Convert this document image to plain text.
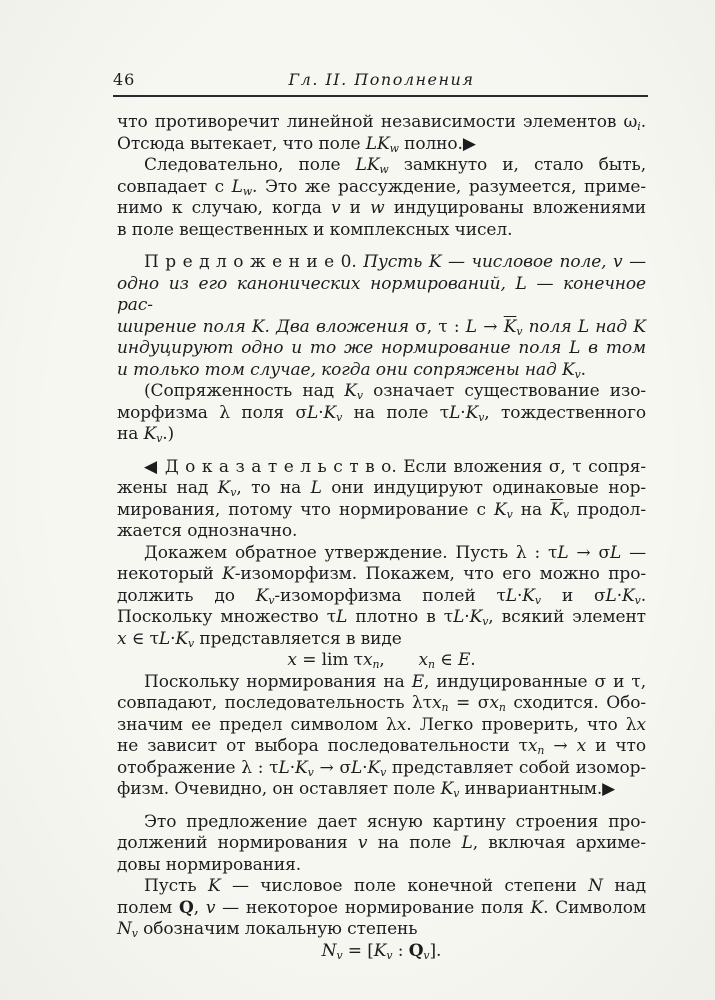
46	Гл. II. Пополнения
что противоречит линейной независимости элементов $\omega_i$.
Отсюда вытекает, что поле $LK_w$ полно.▶
Следовательно, поле $LK_w$ замкнуто и, стало быть,
совпадает с $L_w$. Это же рассуждение, разумеется, приме-
нимо к случаю, когда v и w индуцированы вложениями
в поле вещественных и комплексных чисел.
П р е д л о ж е н и е 0. Пусть K — числовое поле, v —
одно из его канонических нормирований, L — конечное рас-
ширение поля K. Два вложения σ, τ : $L \to \overline{K}_v$ поля L над K
индуцируют одно и то же нормирование поля L в том
и только том случае, когда они сопряжены над $K_v$.
(Сопряженность над $K_v$ означает существование изо-
морфизма λ поля $\sigma L\cdot K_v$ на поле $\tau L\cdot K_v$, тождественного
на $K_v$.)
◀ Д о к а з а т е л ь с т в о. Если вложения σ, τ сопря-
жены над $K_v$, то на L они индуцируют одинаковые нор-
мирования, потому что нормирование с $K_v$ на $\overline{K}_v$ продол-
жается однозначно.
Докажем обратное утверждение. Пусть λ : τL → σL —
некоторый K-изоморфизм. Покажем, что его можно про-
должить до $K_v$-изоморфизма полей $\tau L\cdot K_v$ и $\sigma L\cdot K_v$.
Поскольку множество τL плотно в $\tau L\cdot K_v$, всякий элемент
x ∈ $\tau L\cdot K_v$ представляется в виде
$x = \lim \tau x_n$,  $x_n$ ∈ E.
Поскольку нормирования на E, индуцированные σ и τ,
совпадают, последовательность $\lambda\tau x_n = \sigma x_n$ сходится. Обо-
значим ее предел символом λx. Легко проверить, что λx
не зависит от выбора последовательности $\tau x_n \to x$ и что
отображение λ : $\tau L\cdot K_v \to \sigma L\cdot K_v$ представляет собой изомор-
физм. Очевидно, он оставляет поле $K_v$ инвариантным.▶
Это предложение дает ясную картину строения про-
должений нормирования v на поле L, включая архиме-
довы нормирования.
Пусть K — числовое поле конечной степени N над
полем Q, v — некоторое нормирование поля K. Символом
$N_v$ обозначим локальную степень
$N_v = [K_v$ : $Q_v$].
